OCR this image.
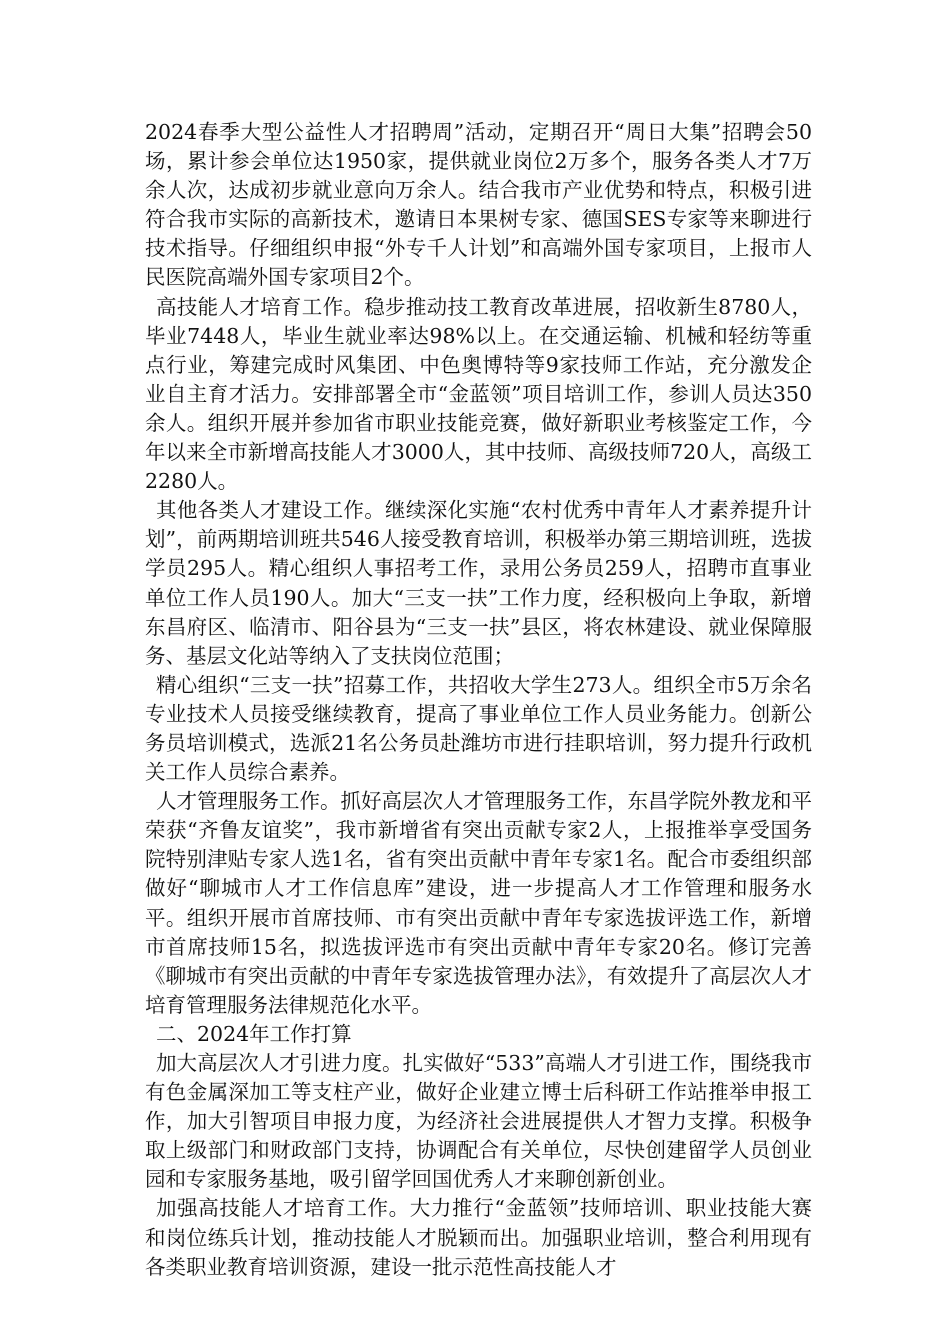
2024春季大型公益性人才招聘周”活动，定期召开“周日大集”招聘会50场，累计参会单位达1950家，提供就业岗位2万多个，服务各类人才7万余人次，达成初步就业意向万余人。结合我市产业优势和特点，积极引进符合我市实际的高新技术，邀请日本果树专家、德国SES专家等来聊进行技术指导。仔细组织申报“外专千人计划”和高端外国专家项目，上报市人民医院高端外国专家项目2个。

高技能人才培育工作。稳步推动技工教育改革进展，招收新生8780人，毕业7448人，毕业生就业率达98%以上。在交通运输、机械和轻纺等重点行业，筹建完成时风集团、中色奥博特等9家技师工作站，充分激发企业自主育才活力。安排部署全市“金蓝领”项目培训工作，参训人员达350余人。组织开展并参加省市职业技能竞赛，做好新职业考核鉴定工作，今年以来全市新增高技能人才3000人，其中技师、高级技师720人，高级工2280人。

其他各类人才建设工作。继续深化实施“农村优秀中青年人才素养提升计划”，前两期培训班共546人接受教育培训，积极举办第三期培训班，选拔学员295人。精心组织人事招考工作，录用公务员259人，招聘市直事业单位工作人员190人。加大“三支一扶”工作力度，经积极向上争取，新增东昌府区、临清市、阳谷县为“三支一扶”县区，将农林建设、就业保障服务、基层文化站等纳入了支扶岗位范围；

精心组织“三支一扶”招募工作，共招收大学生273人。组织全市5万余名专业技术人员接受继续教育，提高了事业单位工作人员业务能力。创新公务员培训模式，选派21名公务员赴潍坊市进行挂职培训，努力提升行政机关工作人员综合素养。

人才管理服务工作。抓好高层次人才管理服务工作，东昌学院外教龙和平荣获“齐鲁友谊奖”，我市新增省有突出贡献专家2人，上报推举享受国务院特别津贴专家人选1名，省有突出贡献中青年专家1名。配合市委组织部做好“聊城市人才工作信息库”建设，进一步提高人才工作管理和服务水平。组织开展市首席技师、市有突出贡献中青年专家选拔评选工作，新增市首席技师15名，拟选拔评选市有突出贡献中青年专家20名。修订完善《聊城市有突出贡献的中青年专家选拔管理办法》，有效提升了高层次人才培育管理服务法律规范化水平。

二、2024年工作打算

加大高层次人才引进力度。扎实做好“533”高端人才引进工作，围绕我市有色金属深加工等支柱产业，做好企业建立博士后科研工作站推举申报工作，加大引智项目申报力度，为经济社会进展提供人才智力支撑。积极争取上级部门和财政部门支持，协调配合有关单位，尽快创建留学人员创业园和专家服务基地，吸引留学回国优秀人才来聊创新创业。

加强高技能人才培育工作。大力推行“金蓝领”技师培训、职业技能大赛和岗位练兵计划，推动技能人才脱颖而出。加强职业培训，整合利用现有各类职业教育培训资源，建设一批示范性高技能人才
